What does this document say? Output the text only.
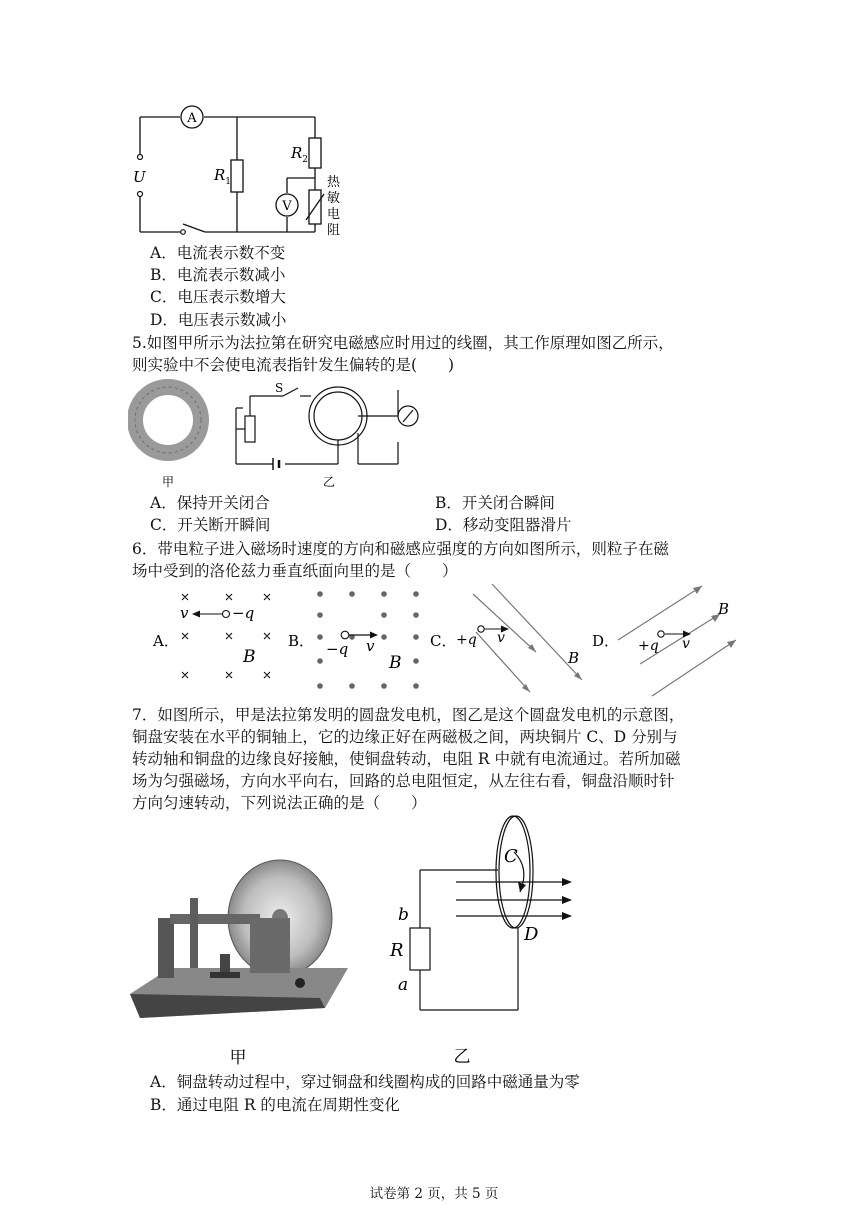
A
V
U	$R_1$
$R_2$
热
敏
电
阻
A．电流表示数不变
B．电流表示数减小
C．电压表示数增大
D．电压表示数减小
5.如图甲所示为法拉第在研究电磁感应时用过的线圈，其工作原理如图乙所示，
则实验中不会使电流表指针发生偏转的是(　　)
甲
S
乙
A．保持开关闭合	B．开关闭合瞬间
C．开关断开瞬间	D．移动变阻器滑片
6．带电粒子进入磁场时速度的方向和磁感应强度的方向如图所示，则粒子在磁
场中受到的洛伦兹力垂直纸面向里的是（　　）
A．
v	−q
B
B． −q v
B
C． +q v
B
D． +q v
B
7．如图所示，甲是法拉第发明的圆盘发电机，图乙是这个圆盘发电机的示意图，
铜盘安装在水平的铜轴上，它的边缘正好在两磁极之间，两块铜片 C、D 分别与
转动轴和铜盘的边缘良好接触，使铜盘转动，电阻 R 中就有电流通过。若所加磁
场为匀强磁场，方向水平向右，回路的总电阻恒定，从左往右看，铜盘沿顺时针
方向匀速转动，下列说法正确的是（　　）
甲
C
D
R
b
a
乙
A．铜盘转动过程中，穿过铜盘和线圈构成的回路中磁通量为零
B．通过电阻 R 的电流在周期性变化
试卷第 2 页，共 5 页
